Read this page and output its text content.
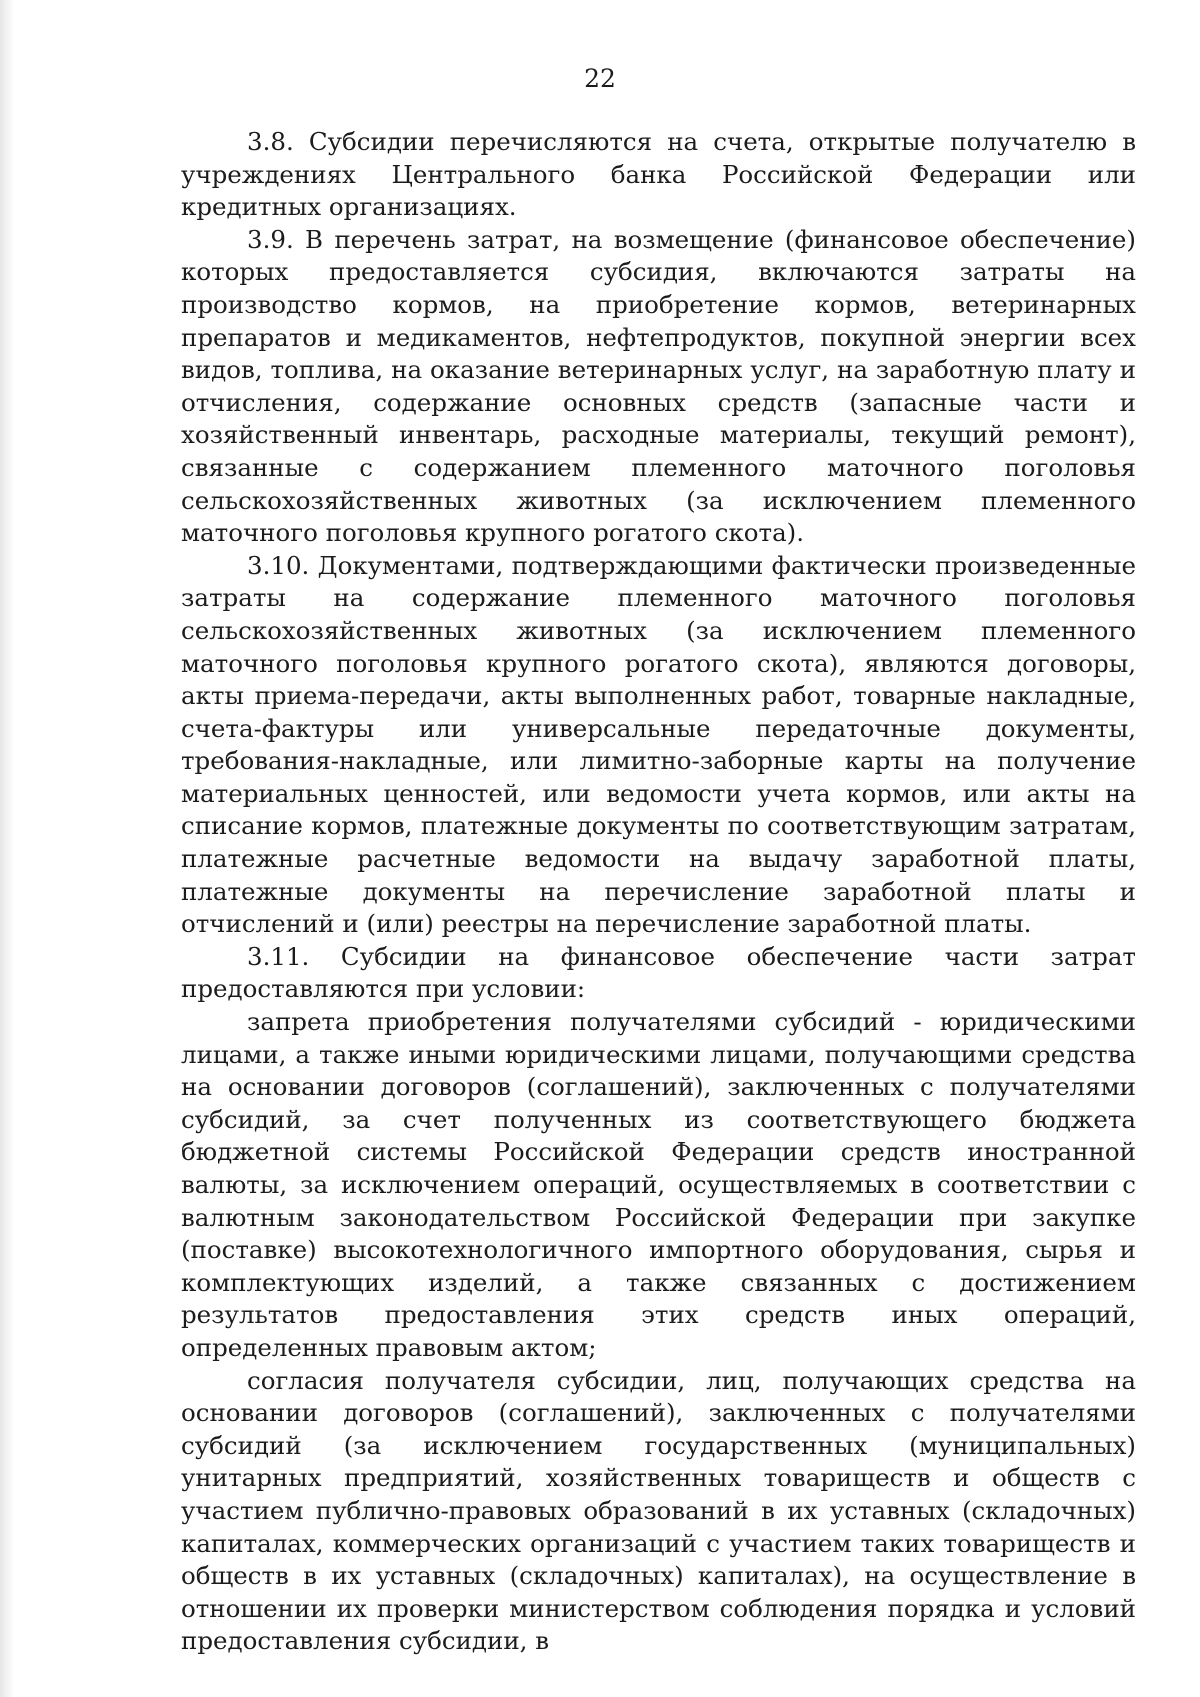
22

3.8. Субсидии перечисляются на счета, открытые получателю в учреждениях Центрального банка Российской Федерации или кредитных организациях.

3.9. В перечень затрат, на возмещение (финансовое обеспечение) которых предоставляется субсидия, включаются затраты на производство кормов, на приобретение кормов, ветеринарных препаратов и медикаментов, нефтепродуктов, покупной энергии всех видов, топлива, на оказание ветеринарных услуг, на заработную плату и отчисления, содержание основных средств (запасные части и хозяйственный инвентарь, расходные материалы, текущий ремонт), связанные с содержанием племенного маточного поголовья сельскохозяйственных животных (за исключением племенного маточного поголовья крупного рогатого скота).

3.10. Документами, подтверждающими фактически произведенные затраты на содержание племенного маточного поголовья сельскохозяйственных животных (за исключением племенного маточного поголовья крупного рогатого скота), являются договоры, акты приема-передачи, акты выполненных работ, товарные накладные, счета-фактуры или универсальные передаточные документы, требования-накладные, или лимитно-заборные карты на получение материальных ценностей, или ведомости учета кормов, или акты на списание кормов, платежные документы по соответствующим затратам, платежные расчетные ведомости на выдачу заработной платы, платежные документы на перечисление заработной платы и отчислений и (или) реестры на перечисление заработной платы.

3.11. Субсидии на финансовое обеспечение части затрат предоставляются при условии:

запрета приобретения получателями субсидий - юридическими лицами, а также иными юридическими лицами, получающими средства на основании договоров (соглашений), заключенных с получателями субсидий, за счет полученных из соответствующего бюджета бюджетной системы Российской Федерации средств иностранной валюты, за исключением операций, осуществляемых в соответствии с валютным законодательством Российской Федерации при закупке (поставке) высокотехнологичного импортного оборудования, сырья и комплектующих изделий, а также связанных с достижением результатов предоставления этих средств иных операций, определенных правовым актом;

согласия получателя субсидии, лиц, получающих средства на основании договоров (соглашений), заключенных с получателями субсидий (за исключением государственных (муниципальных) унитарных предприятий, хозяйственных товариществ и обществ с участием публично-правовых образований в их уставных (складочных) капиталах, коммерческих организаций с участием таких товариществ и обществ в их уставных (складочных) капиталах), на осуществление в отношении их проверки министерством соблюдения порядка и условий предоставления субсидии, в
